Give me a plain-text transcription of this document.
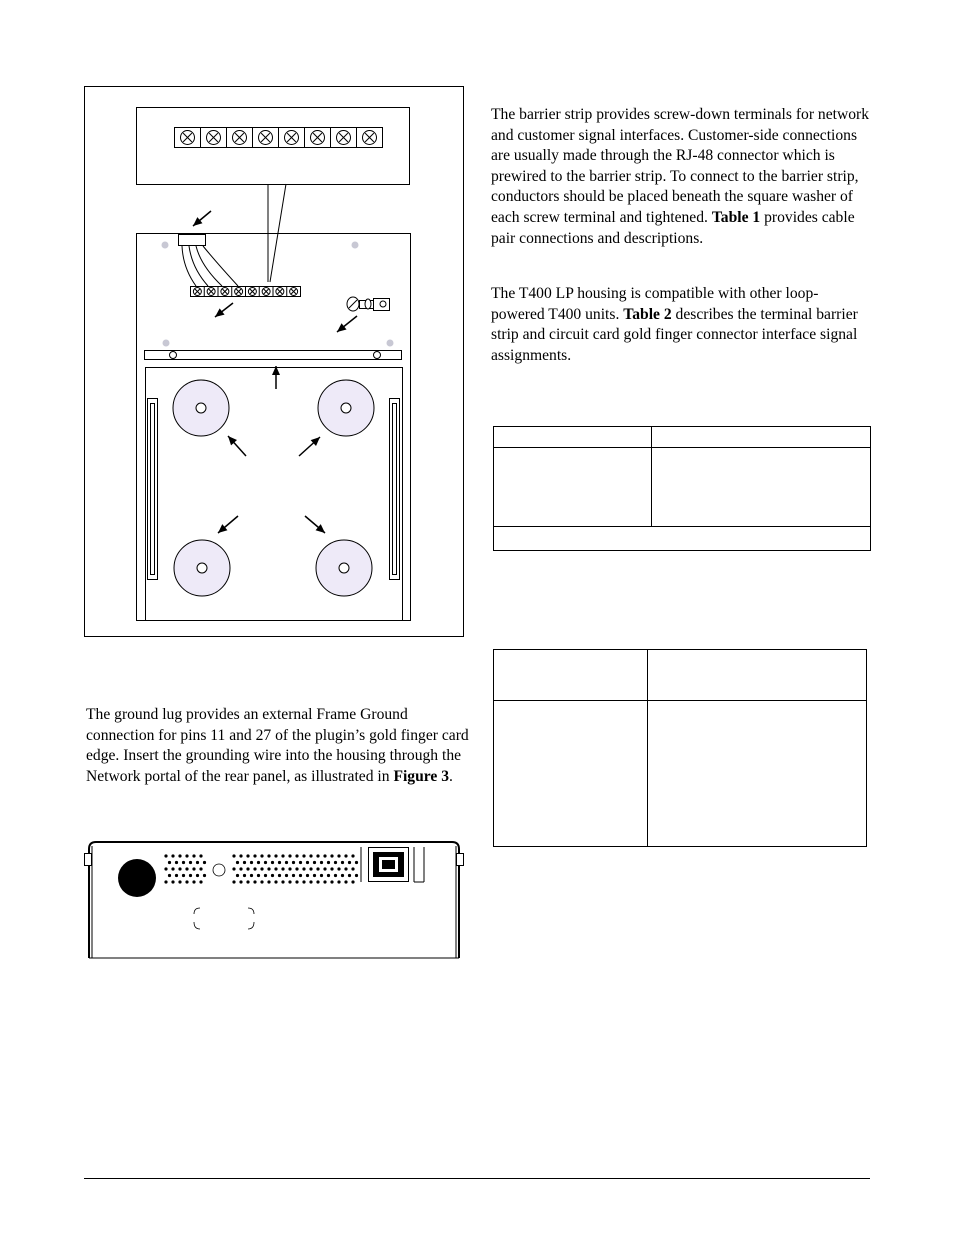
The barrier strip provides screw-down terminals for network and customer signal interfaces. Customer-side connections are usually made through the RJ-48 connector which is prewired to the barrier strip. To connect to the barrier strip, conductors should be placed beneath the square washer of each screw terminal and tightened. Table 1 provides cable pair connections and descriptions.

The T400 LP housing is compatible with other loop-powered T400 units. Table 2 describes the terminal barrier strip and circuit card gold finger connector interface signal assignments.

The ground lug provides an external Frame Ground connection for pins 11 and 27 of the plugin’s gold finger card edge. Insert the grounding wire into the housing through the Network portal of the rear panel, as illustrated in Figure 3.
